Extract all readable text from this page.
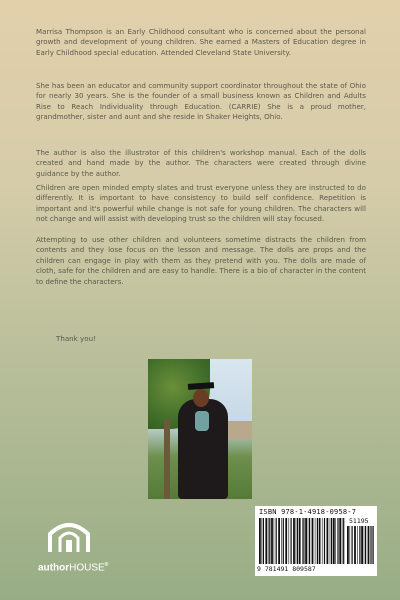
Marrisa Thompson is an Early Childhood consultant who is concerned about the personal growth and development of young children. She earned a Masters of Education degree in Early Childhood special education. Attended Cleveland State University.

She has been an educator and community support coordinator throughout the state of Ohio for nearly 30 years. She is the founder of a small business known as Children and Adults Rise to Reach Individuality through Education. (CARRIE) She is a proud mother, grandmother, sister and aunt and she reside in Shaker Heights, Ohio.

The author is also the illustrator of this children's workshop manual. Each of the dolls created and hand made by the author. The characters were created through divine guidance by the author.

Children are open minded empty slates and trust everyone unless they are instructed to do differently. It is important to have consistency to build self confidence. Repetition is important and it's powerful while change is not safe for young children. The characters will not change and will assist with developing trust so the children will stay focused.

Attempting to use other children and volunteers sometime distracts the children from contents and they lose focus on the lesson and message. The dolls are props and the children can engage in play with them as they pretend with you. The dolls are made of cloth, safe for the children and are easy to handle. There is a bio of character in the content to define the characters.

Thank you!

authorHOUSE®
ISBN 978-1-4918-0958-7
51195
9 781491 809587
